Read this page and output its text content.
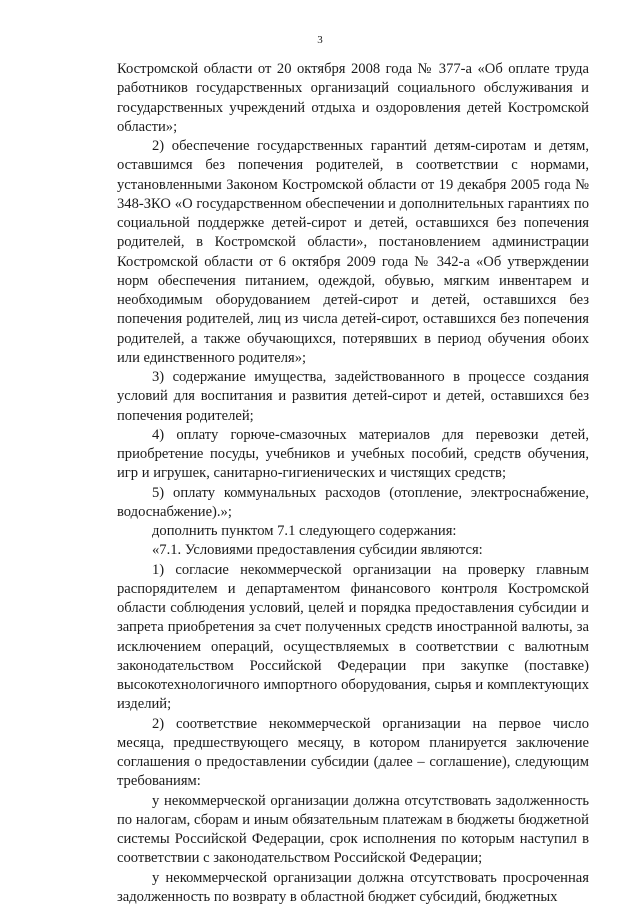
3

Костромской области от 20 октября 2008 года № 377-а «Об оплате труда работников государственных организаций социального обслуживания и государственных учреждений отдыха и оздоровления детей Костромской области»;

2) обеспечение государственных гарантий детям-сиротам и детям, оставшимся без попечения родителей, в соответствии с нормами, установленными Законом Костромской области от 19 декабря 2005 года № 348-ЗКО «О государственном обеспечении и дополнительных гарантиях по социальной поддержке детей-сирот и детей, оставшихся без попечения родителей, в Костромской области», постановлением администрации Костромской области от 6 октября 2009 года № 342-а «Об утверждении норм обеспечения питанием, одеждой, обувью, мягким инвентарем и необходимым оборудованием детей-сирот и детей, оставшихся без попечения родителей, лиц из числа детей-сирот, оставшихся без попечения родителей, а также обучающихся, потерявших в период обучения обоих или единственного родителя»;

3) содержание имущества, задействованного в процессе создания условий для воспитания и развития детей-сирот и детей, оставшихся без попечения родителей;

4) оплату горюче-смазочных материалов для перевозки детей, приобретение посуды, учебников и учебных пособий, средств обучения, игр и игрушек, санитарно-гигиенических и чистящих средств;

5) оплату коммунальных расходов (отопление, электроснабжение, водоснабжение).»;

дополнить пунктом 7.1 следующего содержания:

«7.1. Условиями предоставления субсидии являются:

1) согласие некоммерческой организации на проверку главным распорядителем и департаментом финансового контроля Костромской области соблюдения условий, целей и порядка предоставления субсидии и запрета приобретения за счет полученных средств иностранной валюты, за исключением операций, осуществляемых в соответствии с валютным законодательством Российской Федерации при закупке (поставке) высокотехнологичного импортного оборудования, сырья и комплектующих изделий;

2) соответствие некоммерческой организации на первое число месяца, предшествующего месяцу, в котором планируется заключение соглашения о предоставлении субсидии (далее – соглашение), следующим требованиям:

у некоммерческой организации должна отсутствовать задолженность по налогам, сборам и иным обязательным платежам в бюджеты бюджетной системы Российской Федерации, срок исполнения по которым наступил в соответствии с законодательством Российской Федерации;

у некоммерческой организации должна отсутствовать просроченная задолженность по возврату в областной бюджет субсидий, бюджетных
